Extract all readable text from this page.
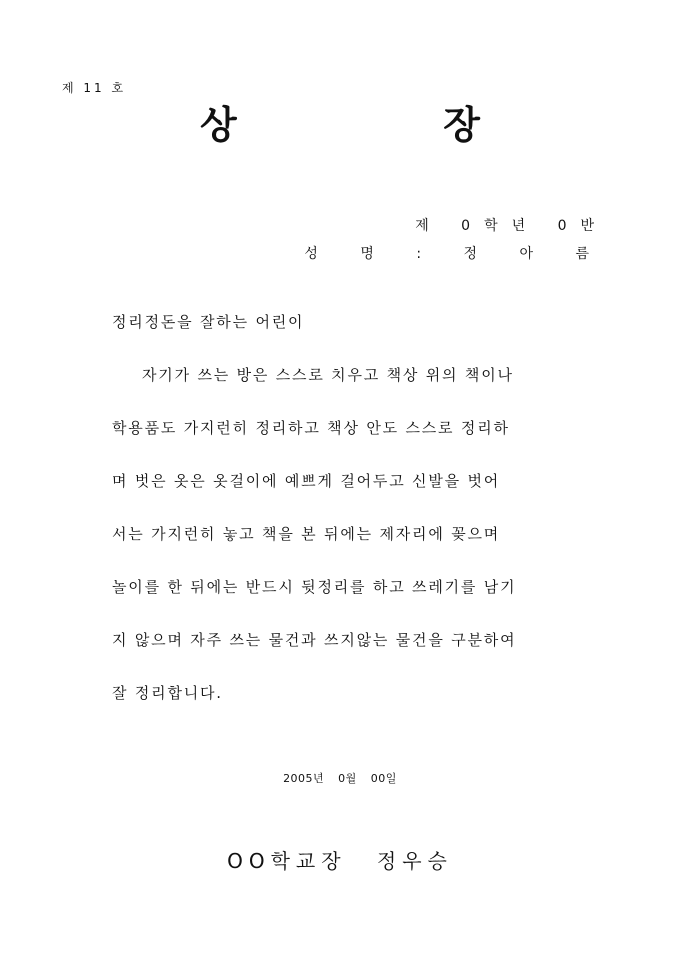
제 11 호
상	장
제 0학년 0반
성 명 : 정 아 름
정리정돈을 잘하는 어린이
자기가 쓰는 방은 스스로 치우고 책상 위의 책이나
학용품도 가지런히 정리하고 책상 안도 스스로 정리하
며 벗은 옷은 옷걸이에 예쁘게 걸어두고 신발을 벗어
서는 가지런히 놓고 책을 본 뒤에는 제자리에 꽂으며
놀이를 한 뒤에는 반드시 뒷정리를 하고 쓰레기를 남기
지 않으며 자주 쓰는 물건과 쓰지않는 물건을 구분하여
잘 정리합니다.
2005년 0월 00일
OO학교장 정우승
